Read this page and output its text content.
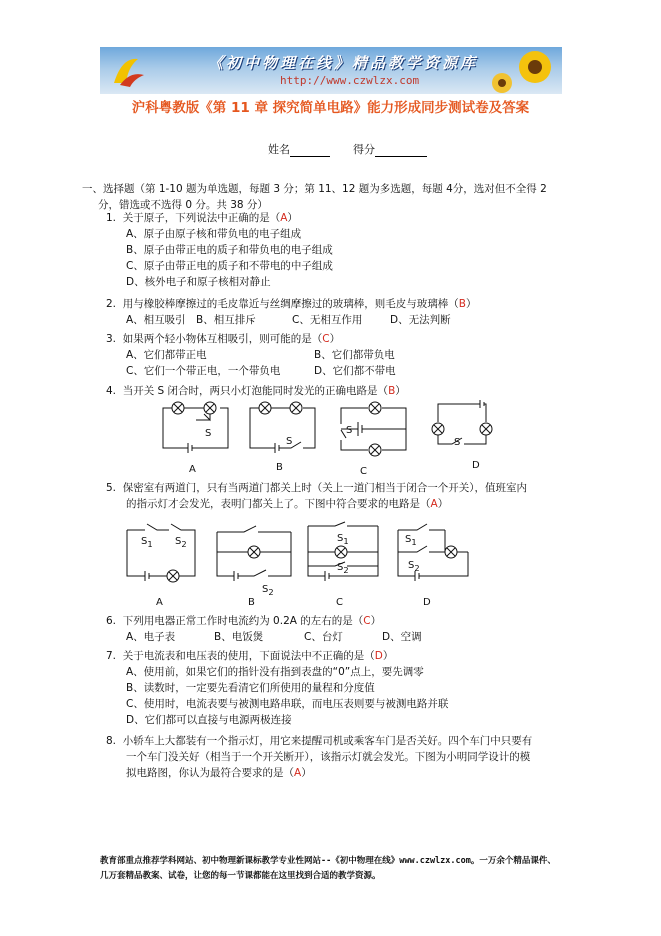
《初中物理在线》精品教学资源库
http://www.czwlzx.com
沪科粤教版《第 11 章 探究简单电路》能力形成同步测试卷及答案
姓名	得分
一、选择题（第 1-10 题为单选题，每题 3 分；第 11、12 题为多选题，每题 4分，选对但不全得 2
分，错选或不选得 0 分。共 38 分）
1. 关于原子，下列说法中正确的是（A）
A、原子由原子核和带负电的电子组成
B、原子由带正电的质子和带负电的电子组成
C、原子由带正电的质子和不带电的中子组成
D、核外电子和原子核相对静止
2. 用与橡胶棒摩擦过的毛皮靠近与丝绸摩擦过的玻璃棒，则毛皮与玻璃棒（B）
A、相互吸引 B、相互排斥	C、无相互作用	D、无法判断
3. 如果两个轻小物体互相吸引，则可能的是（C）
A、它们都带正电	B、它们都带负电
C、它们一个带正电，一个带负电	D、它们都不带电
4. 当开关 S 闭合时，两只小灯泡能同时发光的正确电路是（B）
S
S
S
S
A	B	C
D
5. 保密室有两道门，只有当两道门都关上时（关上一道门相当于闭合一个开关），值班室内
的指示灯才会发光，表明门都关上了。下图中符合要求的电路是（A）
$S_1$ $S_2$
$S_2$
$S_1$
$S_2$
$S_1$
$S_2$
A	B	C	D
6. 下列用电器正常工作时电流约为 0.2A 的左右的是（C）
A、电子表	B、电饭煲	C、台灯	D、空调
7. 关于电流表和电压表的使用，下面说法中不正确的是（D）
A、使用前，如果它们的指针没有指到表盘的“0”点上，要先调零
B、读数时，一定要先看清它们所使用的量程和分度值
C、使用时，电流表要与被测电路串联，而电压表则要与被测电路并联
D、它们都可以直接与电源两极连接
8. 小轿车上大都装有一个指示灯，用它来提醒司机或乘客车门是否关好。四个车门中只要有
一个车门没关好（相当于一个开关断开），该指示灯就会发光。下图为小明同学设计的模
拟电路图，你认为最符合要求的是（A）
教育部重点推荐学科网站、初中物理新课标教学专业性网站--《初中物理在线》www.czwlzx.com。一万余个精品课件、
几万套精品教案、试卷，让您的每一节课都能在这里找到合适的教学资源。
